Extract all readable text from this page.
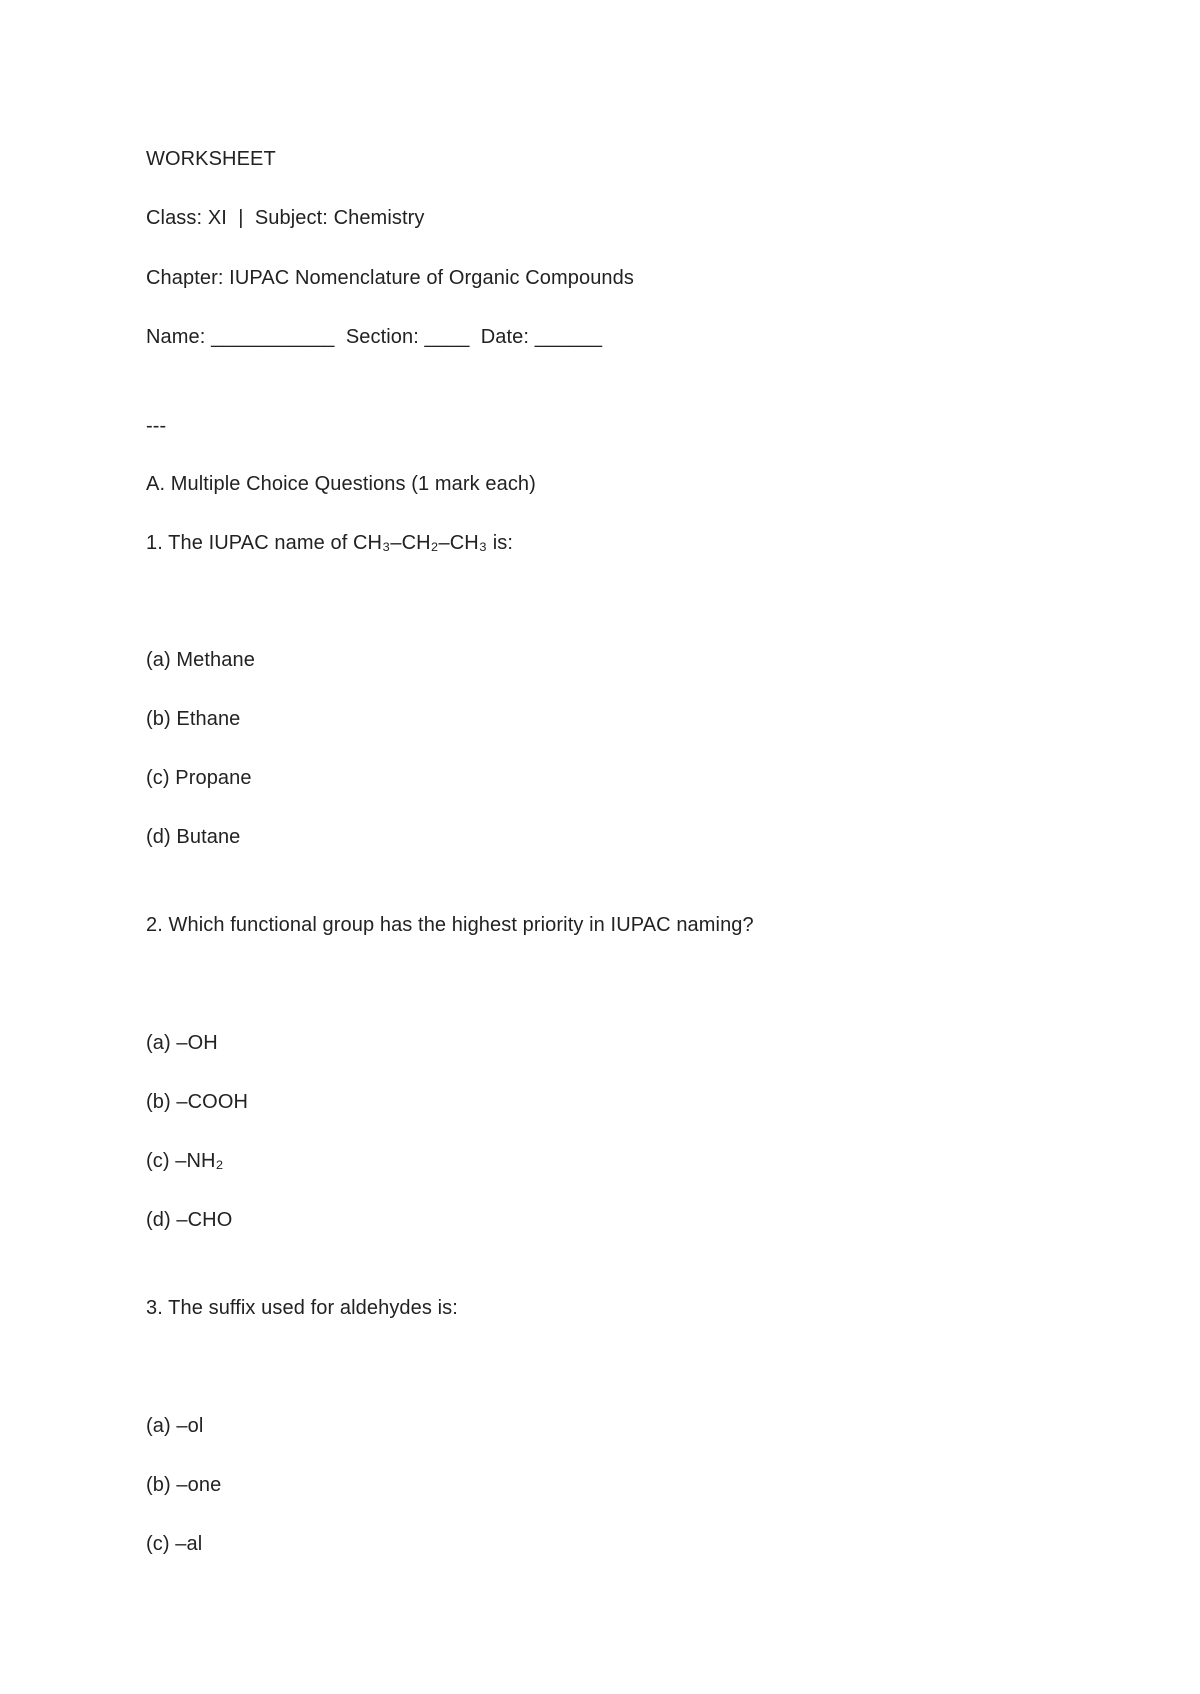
WORKSHEET
Class: XI  |  Subject: Chemistry
Chapter: IUPAC Nomenclature of Organic Compounds
Name: ___________  Section: ____  Date: ______
---
A. Multiple Choice Questions (1 mark each)
1. The IUPAC name of CH₃–CH₂–CH₃ is:
(a) Methane
(b) Ethane
(c) Propane
(d) Butane
2. Which functional group has the highest priority in IUPAC naming?
(a) –OH
(b) –COOH
(c) –NH₂
(d) –CHO
3. The suffix used for aldehydes is:
(a) –ol
(b) –one
(c) –al
